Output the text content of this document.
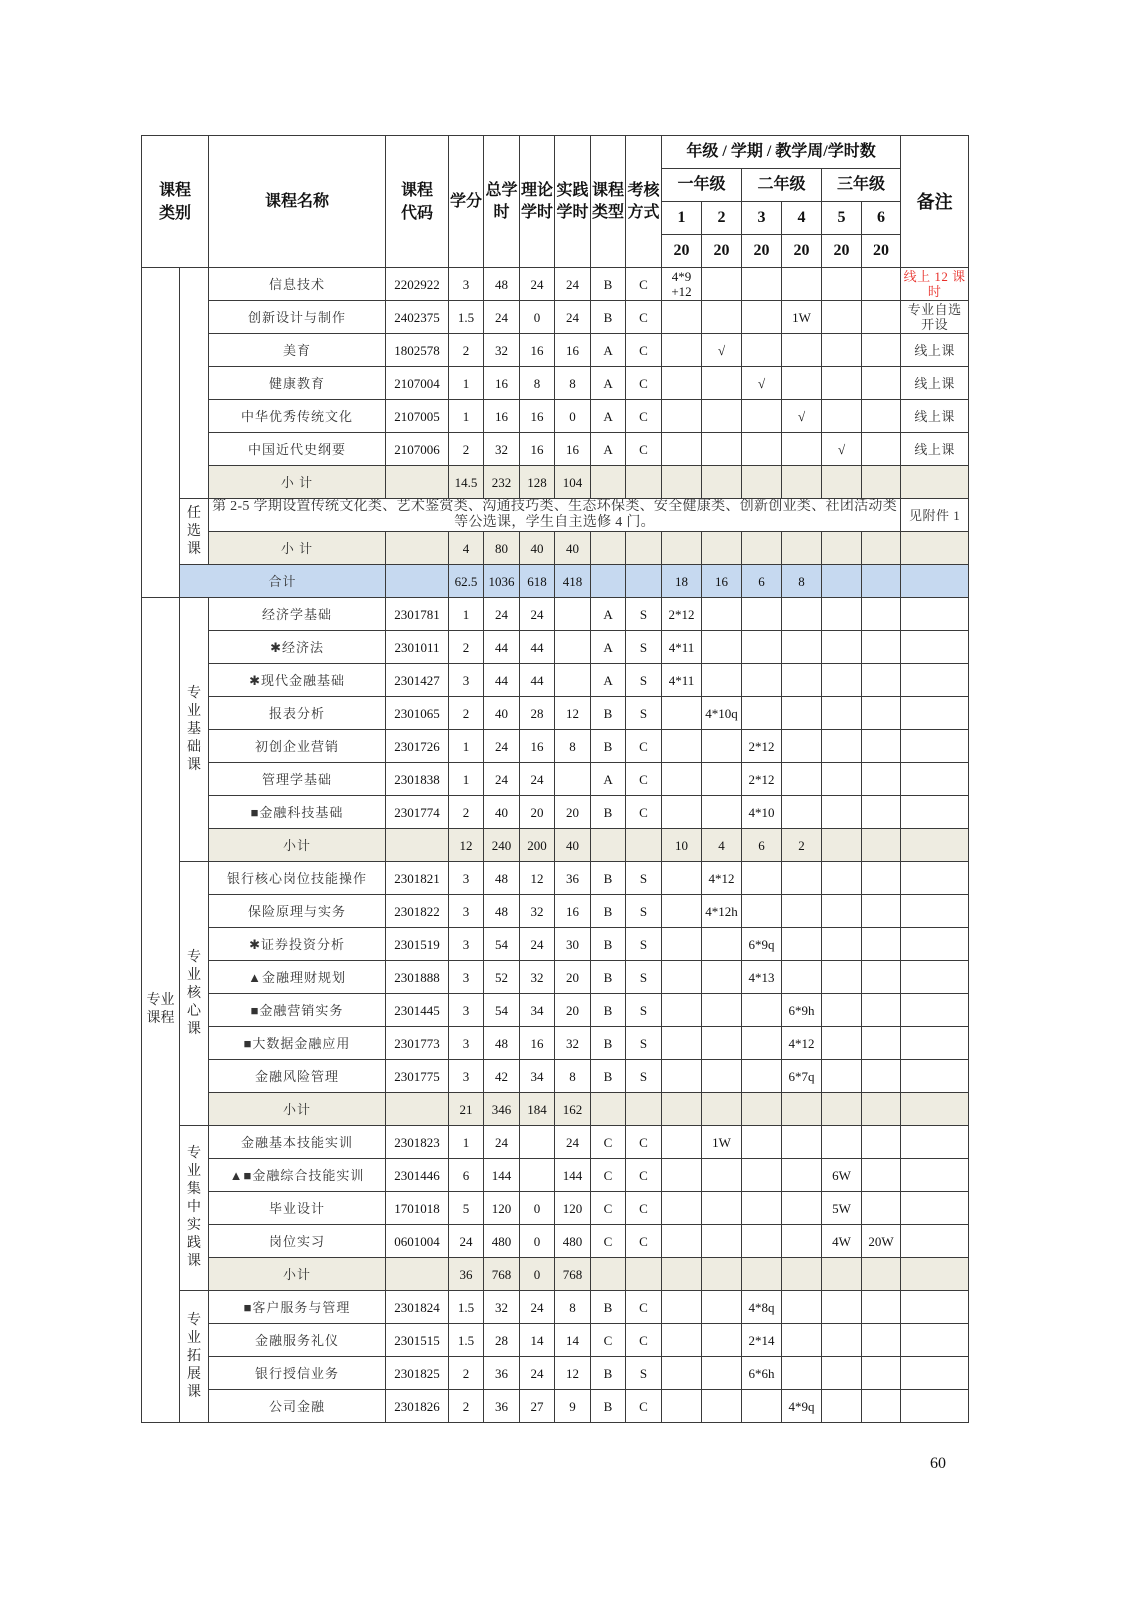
课程类别		课程名称	课程代码	学分	总学时	理论学时	实践学时	课程类型	考核方式	年级 / 学期 / 教学周/学时数						备注
										一年级		二年级		三年级		
										1	2	3	4	5	6	
										20	20	20	20	20	20	
		信息技术	2202922	3	48	24	24	B	C	4*9 +12						线上 12 课时
		创新设计与制作	2402375	1.5	24	0	24	B	C				1W			专业自选开设
		美育	1802578	2	32	16	16	A	C		√					线上课
		健康教育	2107004	1	16	8	8	A	C			√				线上课
		中华优秀传统文化	2107005	1	16	16	0	A	C				√			线上课
		中国近代史纲要	2107006	2	32	16	16	A	C					√		线上课
		小 计		14.5	232	128	104									
	任选课	第 2-5 学期设置传统文化类、艺术鉴赏类、沟通技巧类、生态环保类、安全健康类、创新创业类、社团活动类等公选课，学生自主选修 4 门。														见附件 1
		小 计		4	80	40	40									
	合计			62.5	1036	618	418			18	16	6	8			
专业课程	专业基础课	经济学基础	2301781	1	24	24		A	S	2*12						
		✱经济法	2301011	2	44	44		A	S	4*11						
		✱现代金融基础	2301427	3	44	44		A	S	4*11						
		报表分析	2301065	2	40	28	12	B	S		4*10q					
		初创企业营销	2301726	1	24	16	8	B	C			2*12				
		管理学基础	2301838	1	24	24		A	C			2*12				
		■金融科技基础	2301774	2	40	20	20	B	C			4*10				
		小计		12	240	200	40			10	4	6	2			
	专业核心课	银行核心岗位技能操作	2301821	3	48	12	36	B	S		4*12					
		保险原理与实务	2301822	3	48	32	16	B	S		4*12h					
		✱证券投资分析	2301519	3	54	24	30	B	S			6*9q				
		▲金融理财规划	2301888	3	52	32	20	B	S			4*13				
		■金融营销实务	2301445	3	54	34	20	B	S				6*9h			
		■大数据金融应用	2301773	3	48	16	32	B	S				4*12			
		金融风险管理	2301775	3	42	34	8	B	S				6*7q			
		小计		21	346	184	162									
	专业集中实践课	金融基本技能实训	2301823	1	24		24	C	C		1W					
		▲■金融综合技能实训	2301446	6	144		144	C	C					6W		
		毕业设计	1701018	5	120	0	120	C	C					5W		
		岗位实习	0601004	24	480	0	480	C	C					4W	20W	
		小计		36	768	0	768									
	专业拓展课	■客户服务与管理	2301824	1.5	32	24	8	B	C			4*8q				
		金融服务礼仪	2301515	1.5	28	14	14	C	C			2*14				
		银行授信业务	2301825	2	36	24	12	B	S			6*6h				
		公司金融	2301826	2	36	27	9	B	C				4*9q			
60
